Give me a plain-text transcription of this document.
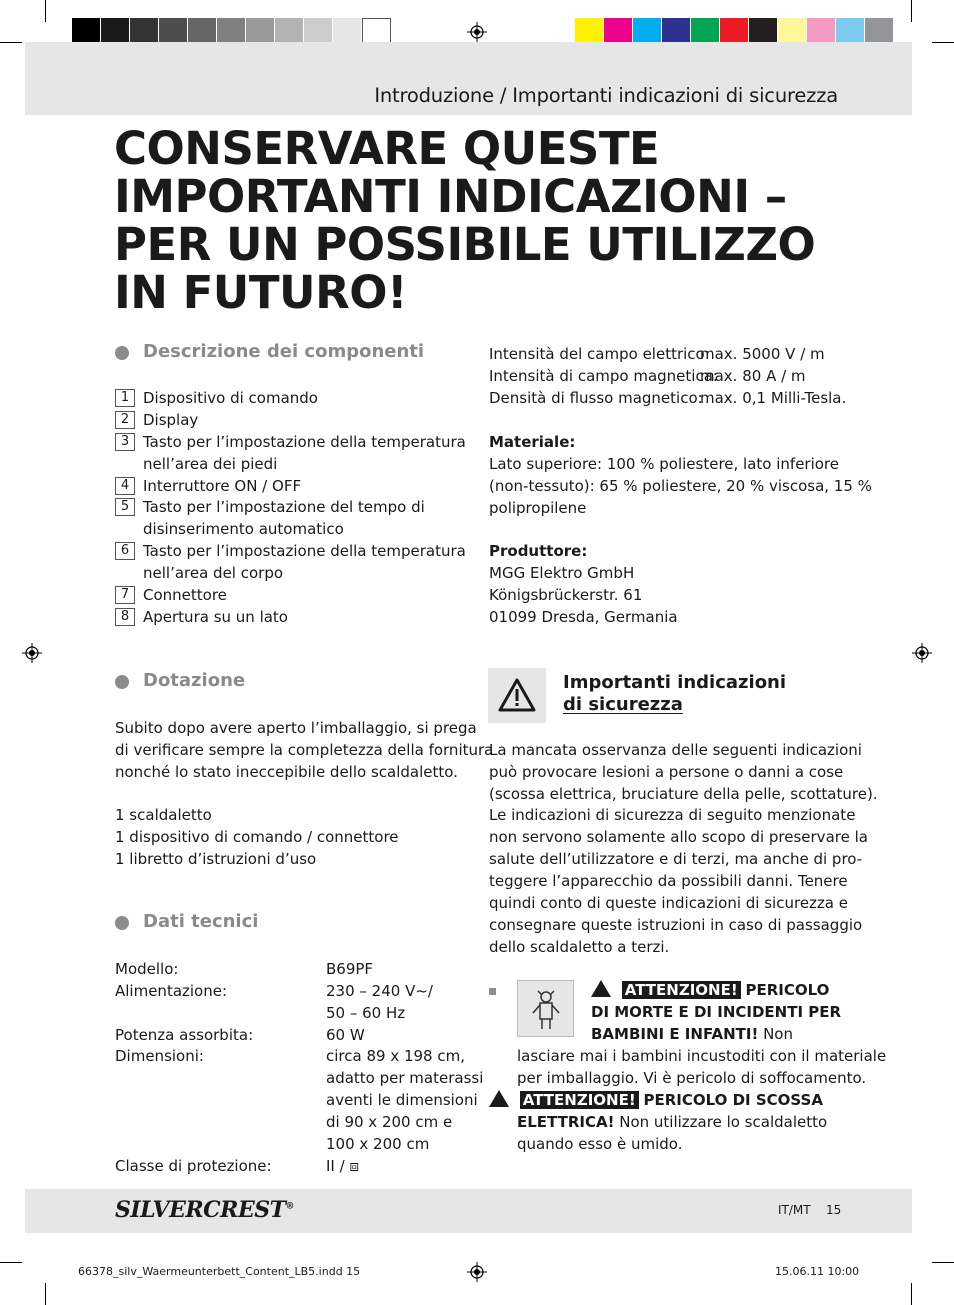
Introduzione / Importanti indicazioni di sicurezza
CONSERVARE QUESTE IMPORTANTI INDICAZIONI – PER UN POSSIBILE UTILIZZO IN FUTURO!
Descrizione dei componenti
1 Dispositivo di comando
2 Display
3 Tasto per l’impostazione della temperatura
nell’area dei piedi
4 Interruttore ON / OFF
5 Tasto per l’impostazione del tempo di
disinserimento automatico
6 Tasto per l’impostazione della temperatura
nell’area del corpo
7 Connettore
8 Apertura su un lato
Dotazione
Subito dopo avere aperto l’imballaggio, si prega
di verificare sempre la completezza della fornitura
nonché lo stato ineccepibile dello scaldaletto.
1 scaldaletto
1 dispositivo di comando / connettore
1 libretto d’istruzioni d’uso
Dati tecnici
Modello:	B69PF
Alimentazione:	230 – 240 V~/
50 – 60 Hz
Potenza assorbita:	60 W
Dimensioni:	circa 89 x 198 cm,
adatto per materassi
aventi le dimensioni
di 90 x 200 cm e
100 x 200 cm
Classe di protezione:	II / ⧈
Intensità del campo elettrico:
max. 5000 V / m
Intensità di campo magnetica:
max. 80 A / m
Densità di flusso magnetico:
max. 0,1 Milli-Tesla.
Materiale:
Lato superiore: 100 % poliestere, lato inferiore
(non-tessuto): 65 % poliestere, 20 % viscosa, 15 %
polipropilene
Produttore:
MGG Elektro GmbH
Königsbrückerstr. 61
01099 Dresda, Germania
Importanti indicazioni
di sicurezza
La mancata osservanza delle seguenti indicazioni
può provocare lesioni a persone o danni a cose
(scossa elettrica, bruciature della pelle, scottature).
Le indicazioni di sicurezza di seguito menzionate
non servono solamente allo scopo di preservare la
salute dell’utilizzatore e di terzi, ma anche di pro-
teggere l’apparecchio da possibili danni. Tenere
quindi conto di queste indicazioni di sicurezza e
consegnare queste istruzioni in caso di passaggio
dello scaldaletto a terzi.
ATTENZIONE! PERICOLO
DI MORTE E DI INCIDENTI PER
BAMBINI E INFANTI! Non
lasciare mai i bambini incustoditi con il materiale
per imballaggio. Vi è pericolo di soffocamento.
ATTENZIONE! PERICOLO DI SCOSSA
ELETTRICA! Non utilizzare lo scaldaletto
quando esso è umido.
SILVERCREST®	IT/MT 15
66378_silv_Waermeunterbett_Content_LB5.indd 15	15.06.11 10:00
